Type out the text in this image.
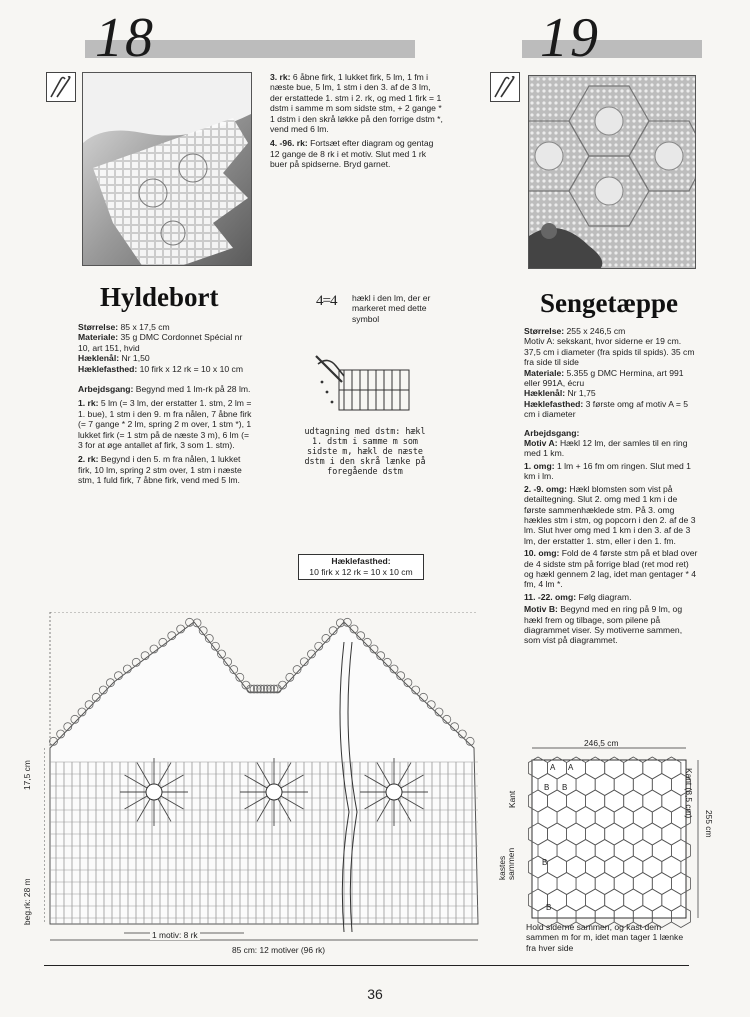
18

3. rk: 6 åbne firk, 1 lukket firk, 5 lm, 1 fm i næste bue, 5 lm, 1 stm i den 3. af de 3 lm, der erstattede 1. stm i 2. rk, og med 1 firk = 1 dstm i samme m som sidste stm, + 2 gange * 1 dstm i den skrå løkke på den forrige dstm *, vend med 6 lm.

4. -96. rk: Fortsæt efter diagram og gentag 12 gange de 8 rk i et motiv. Slut med 1 rk buer på spidserne. Bryd garnet.

Hyldebort

Størrelse: 85 x 17,5 cm
Materiale: 35 g DMC Cordonnet Spécial nr 10, art 151, hvid
Hæklenål: Nr 1,50
Hæklefasthed: 10 firk x 12 rk = 10 x 10 cm

Arbejdsgang: Begynd med 1 lm-rk på 28 lm.

1. rk: 5 lm (= 3 lm, der erstatter 1. stm, 2 lm = 1. bue), 1 stm i den 9. m fra nålen, 7 åbne firk (= 7 gange * 2 lm, spring 2 m over, 1 stm *), 1 lukket firk (= 1 stm på de næste 3 m), 6 lm (= 3 for at øge antallet af firk, 3 som 1. stm).

2. rk: Begynd i den 5. m fra nålen, 1 lukket firk, 10 lm, spring 2 stm over, 1 stm i næste stm, 1 fuld firk, 7 åbne firk, vend med 5 lm.

4=4 hækl i den lm, der er markeret med dette symbol
udtagning med dstm: hækl 1. dstm i samme m som sidste m, hækl de næste dstm i den skrå lænke på foregående dstm
Hæklefasthed:
10 firk x 12 rk = 10 x 10 cm
19
Sengetæppe

Størrelse: 255 x 246,5 cm
Motiv A: sekskant, hvor siderne er 19 cm. 37,5 cm i diameter (fra spids til spids). 35 cm fra side til side
Materiale: 5.355 g DMC Hermina, art 991 eller 991A, écru
Hæklenål: Nr 1,75
Hæklefasthed: 3 første omg af motiv A = 5 cm i diameter

Arbejdsgang:

Motiv A: Hækl 12 lm, der samles til en ring med 1 km.

1. omg: 1 lm + 16 fm om ringen. Slut med 1 km i lm.

2. -9. omg: Hækl blomsten som vist på detailtegning. Slut 2. omg med 1 km i de første sammenhæklede stm. På 3. omg hækles stm i stm, og popcorn i den 2. af de 3 lm. Slut hver omg med 1 km i den 3. af de 3 lm, der erstatter 1. stm, eller i den 1. fm.

10. omg: Fold de 4 første stm på et blad over de 4 sidste stm på forrige blad (ret mod ret) og hækl gennem 2 lag, idet man gentager * 4 fm, 4 lm *.

11. -22. omg: Følg diagram.

Motiv B: Begynd med en ring på 9 lm, og hækl frem og tilbage, som pilene på diagrammet viser. Sy motiverne sammen, som vist på diagrammet.

17,5 cm
beg.rk: 28 m
1 motiv: 8 rk
85 cm: 12 motiver (96 rk)
A A
B B
B
B
246,5 cm
255 cm
Kant	Kant (8,5 cm)
kastes sammen
Hold siderne sammen, og kast dem sammen m for m, idet man tager 1 lænke fra hver side
36
